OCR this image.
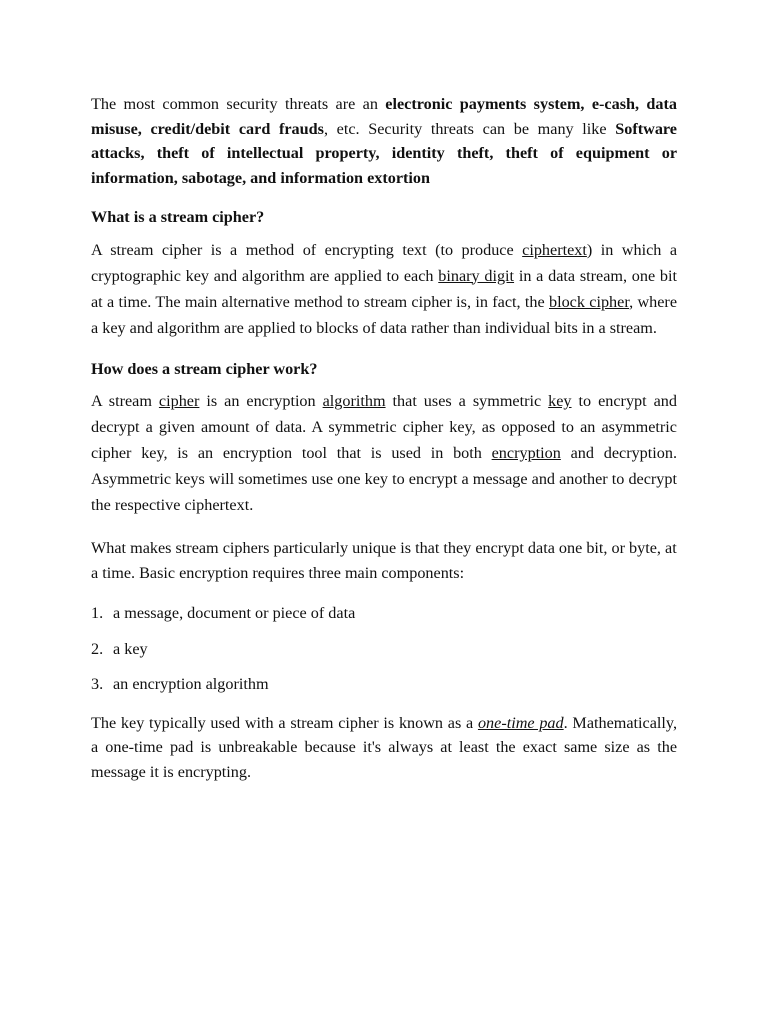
The most common security threats are an electronic payments system, e-cash, data misuse, credit/debit card frauds, etc. Security threats can be many like Software attacks, theft of intellectual property, identity theft, theft of equipment or information, sabotage, and information extortion

What is a stream cipher?

A stream cipher is a method of encrypting text (to produce ciphertext) in which a cryptographic key and algorithm are applied to each binary digit in a data stream, one bit at a time. The main alternative method to stream cipher is, in fact, the block cipher, where a key and algorithm are applied to blocks of data rather than individual bits in a stream.

How does a stream cipher work?

A stream cipher is an encryption algorithm that uses a symmetric key to encrypt and decrypt a given amount of data. A symmetric cipher key, as opposed to an asymmetric cipher key, is an encryption tool that is used in both encryption and decryption. Asymmetric keys will sometimes use one key to encrypt a message and another to decrypt the respective ciphertext.

What makes stream ciphers particularly unique is that they encrypt data one bit, or byte, at a time. Basic encryption requires three main components:

1. a message, document or piece of data
2. a key
3. an encryption algorithm

The key typically used with a stream cipher is known as a one-time pad. Mathematically, a one-time pad is unbreakable because it's always at least the exact same size as the message it is encrypting.
